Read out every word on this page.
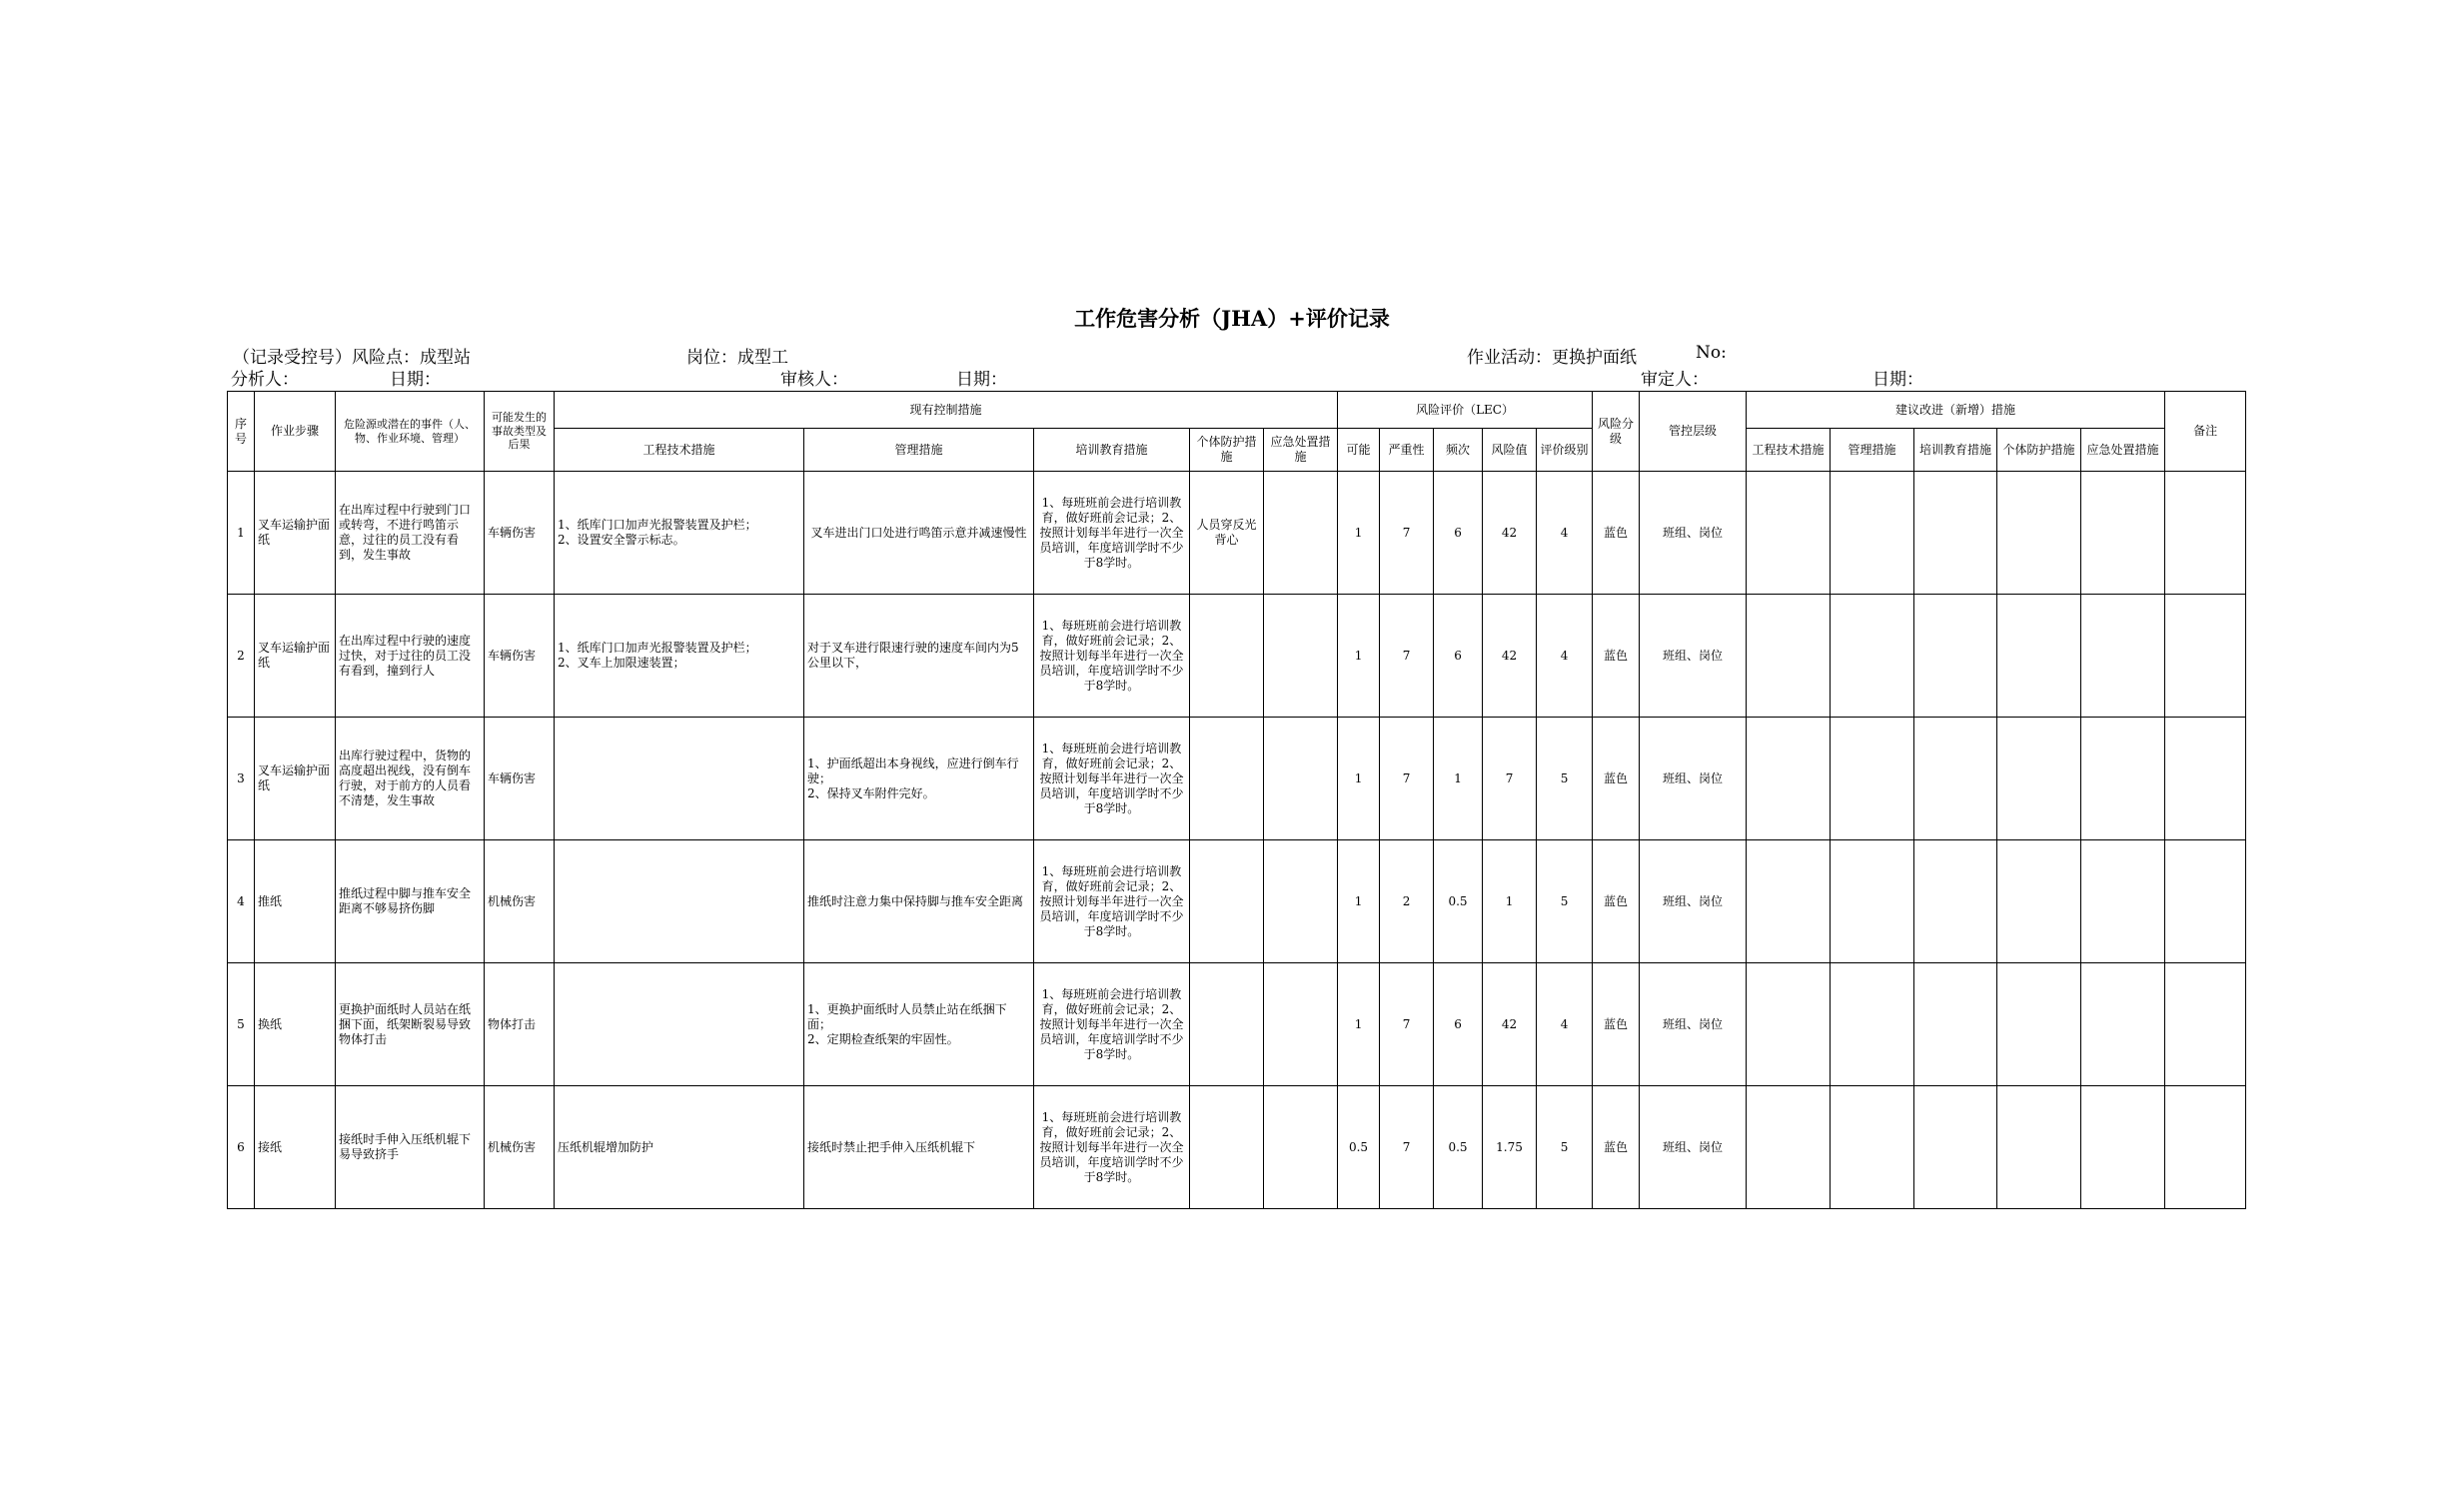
工作危害分析（JHA）+评价记录
（记录受控号）风险点：成型站	岗位：成型工	作业活动：更换护面纸	No:
分析人：	日期：	审核人：	日期：	审定人：	日期：
序号	作业步骤	危险源或潜在的事件（人、物、作业环境、管理）	可能发生的事故类型及后果	现有控制措施					风险评价（LEC）					风险分级	管控层级	建议改进（新增）措施					备注
				工程技术措施	管理措施	培训教育措施	个体防护措施	应急处置措施	可能	严重性	频次	风险值	评价级别			工程技术措施	管理措施	培训教育措施	个体防护措施	应急处置措施	
1	叉车运输护面纸	在出库过程中行驶到门口或转弯，不进行鸣笛示意，过往的员工没有看到，发生事故	车辆伤害	1、纸库门口加声光报警装置及护栏；
2、设置安全警示标志。	叉车进出门口处进行鸣笛示意并减速慢性	1、每班班前会进行培训教育，做好班前会记录；2、按照计划每半年进行一次全员培训，年度培训学时不少于8学时。	人员穿反光背心		1	7	6	42	4	蓝色	班组、岗位						
2	叉车运输护面纸	在出库过程中行驶的速度过快，对于过往的员工没有看到，撞到行人	车辆伤害	1、纸库门口加声光报警装置及护栏；
2、叉车上加限速装置；	对于叉车进行限速行驶的速度车间内为5公里以下，	1、每班班前会进行培训教育，做好班前会记录；2、按照计划每半年进行一次全员培训，年度培训学时不少于8学时。			1	7	6	42	4	蓝色	班组、岗位						
3	叉车运输护面纸	出库行驶过程中，货物的高度超出视线，没有倒车行驶，对于前方的人员看不清楚，发生事故	车辆伤害		1、护面纸超出本身视线，应进行倒车行驶；
2、保持叉车附件完好。	1、每班班前会进行培训教育，做好班前会记录；2、按照计划每半年进行一次全员培训，年度培训学时不少于8学时。			1	7	1	7	5	蓝色	班组、岗位						
4	推纸	推纸过程中脚与推车安全距离不够易挤伤脚	机械伤害		推纸时注意力集中保持脚与推车安全距离	1、每班班前会进行培训教育，做好班前会记录；2、按照计划每半年进行一次全员培训，年度培训学时不少于8学时。			1	2	0.5	1	5	蓝色	班组、岗位						
5	换纸	更换护面纸时人员站在纸捆下面，纸架断裂易导致物体打击	物体打击		1、更换护面纸时人员禁止站在纸捆下面；
2、定期检查纸架的牢固性。	1、每班班前会进行培训教育，做好班前会记录；2、按照计划每半年进行一次全员培训，年度培训学时不少于8学时。			1	7	6	42	4	蓝色	班组、岗位						
6	接纸	接纸时手伸入压纸机辊下易导致挤手	机械伤害	压纸机辊增加防护	接纸时禁止把手伸入压纸机辊下	1、每班班前会进行培训教育，做好班前会记录；2、按照计划每半年进行一次全员培训，年度培训学时不少于8学时。			0.5	7	0.5	1.75	5	蓝色	班组、岗位						
